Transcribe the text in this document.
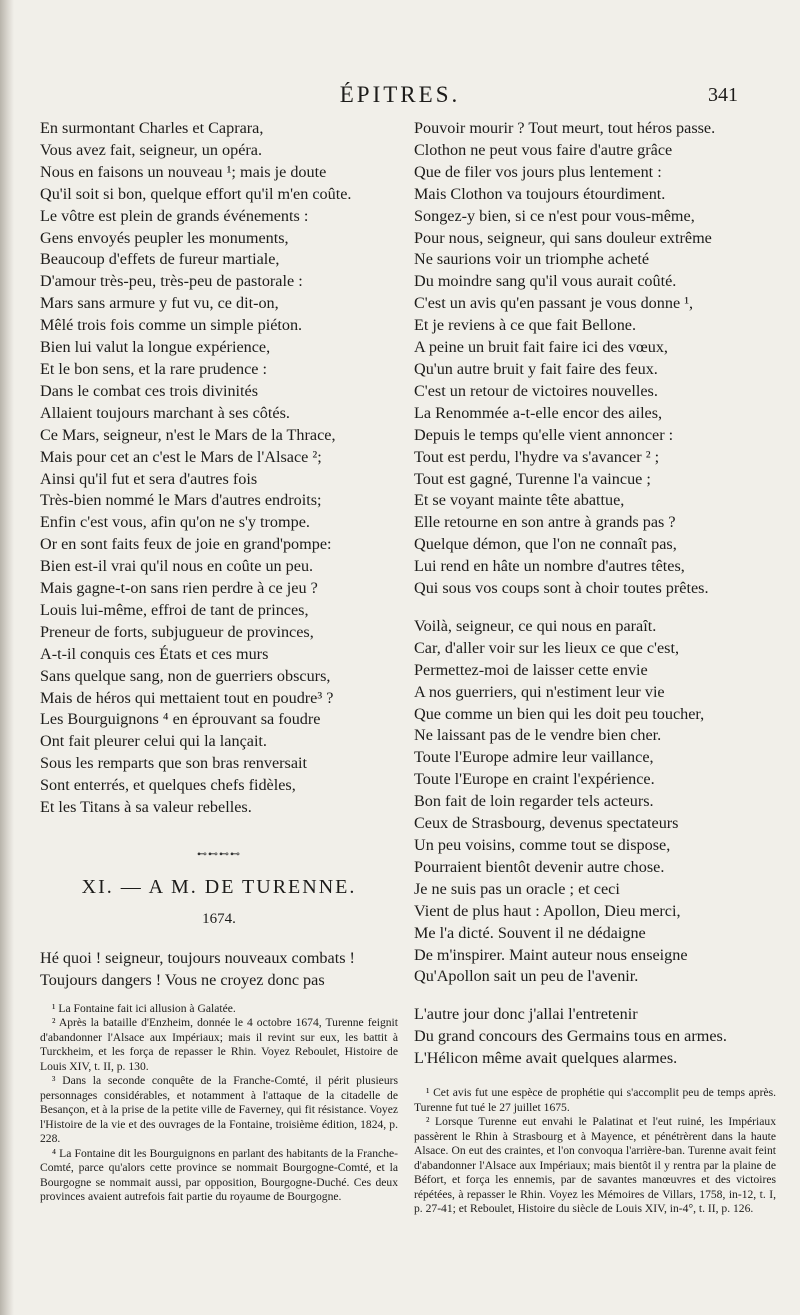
ÉPITRES.	341
En surmontant Charles et Caprara,
Vous avez fait, seigneur, un opéra.
Nous en faisons un nouveau ¹; mais je doute
Qu'il soit si bon, quelque effort qu'il m'en coûte.
Le vôtre est plein de grands événements :
Gens envoyés peupler les monuments,
Beaucoup d'effets de fureur martiale,
D'amour très-peu, très-peu de pastorale :
Mars sans armure y fut vu, ce dit-on,
Mêlé trois fois comme un simple piéton.
Bien lui valut la longue expérience,
Et le bon sens, et la rare prudence :
Dans le combat ces trois divinités
Allaient toujours marchant à ses côtés.
Ce Mars, seigneur, n'est le Mars de la Thrace,
Mais pour cet an c'est le Mars de l'Alsace ²;
Ainsi qu'il fut et sera d'autres fois
Très-bien nommé le Mars d'autres endroits;
Enfin c'est vous, afin qu'on ne s'y trompe.
Or en sont faits feux de joie en grand'pompe:
Bien est-il vrai qu'il nous en coûte un peu.
Mais gagne-t-on sans rien perdre à ce jeu ?
Louis lui-même, effroi de tant de princes,
Preneur de forts, subjugueur de provinces,
A-t-il conquis ces États et ces murs
Sans quelque sang, non de guerriers obscurs,
Mais de héros qui mettaient tout en poudre³ ?
Les Bourguignons ⁴ en éprouvant sa foudre
Ont fait pleurer celui qui la lançait.
Sous les remparts que son bras renversait
Sont enterrés, et quelques chefs fidèles,
Et les Titans à sa valeur rebelles.
⊷⊷⊷⊷
XI. — A M. DE TURENNE.
1674.
Hé quoi ! seigneur, toujours nouveaux combats !
Toujours dangers ! Vous ne croyez donc pas
¹ La Fontaine fait ici allusion à Galatée.
² Après la bataille d'Enzheim, donnée le 4 octobre 1674, Turenne feignit d'abandonner l'Alsace aux Impériaux; mais il revint sur eux, les battit à Turckheim, et les força de repasser le Rhin. Voyez Reboulet, Histoire de Louis XIV, t. II, p. 130.
³ Dans la seconde conquête de la Franche-Comté, il périt plusieurs personnages considérables, et notamment à l'attaque de la citadelle de Besançon, et à la prise de la petite ville de Faverney, qui fit résistance. Voyez l'Histoire de la vie et des ouvrages de la Fontaine, troisième édition, 1824, p. 228.
⁴ La Fontaine dit les Bourguignons en parlant des habitants de la Franche-Comté, parce qu'alors cette province se nommait Bourgogne-Comté, et la Bourgogne se nommait aussi, par opposition, Bourgogne-Duché. Ces deux provinces avaient autrefois fait partie du royaume de Bourgogne.
Pouvoir mourir ? Tout meurt, tout héros passe.
Clothon ne peut vous faire d'autre grâce
Que de filer vos jours plus lentement :
Mais Clothon va toujours étourdiment.
Songez-y bien, si ce n'est pour vous-même,
Pour nous, seigneur, qui sans douleur extrême
Ne saurions voir un triomphe acheté
Du moindre sang qu'il vous aurait coûté.
C'est un avis qu'en passant je vous donne ¹,
Et je reviens à ce que fait Bellone.
A peine un bruit fait faire ici des vœux,
Qu'un autre bruit y fait faire des feux.
C'est un retour de victoires nouvelles.
La Renommée a-t-elle encor des ailes,
Depuis le temps qu'elle vient annoncer :
Tout est perdu, l'hydre va s'avancer ² ;
Tout est gagné, Turenne l'a vaincue ;
Et se voyant mainte tête abattue,
Elle retourne en son antre à grands pas ?
Quelque démon, que l'on ne connaît pas,
Lui rend en hâte un nombre d'autres têtes,
Qui sous vos coups sont à choir toutes prêtes.
Voilà, seigneur, ce qui nous en paraît.
Car, d'aller voir sur les lieux ce que c'est,
Permettez-moi de laisser cette envie
A nos guerriers, qui n'estiment leur vie
Que comme un bien qui les doit peu toucher,
Ne laissant pas de le vendre bien cher.
Toute l'Europe admire leur vaillance,
Toute l'Europe en craint l'expérience.
Bon fait de loin regarder tels acteurs.
Ceux de Strasbourg, devenus spectateurs
Un peu voisins, comme tout se dispose,
Pourraient bientôt devenir autre chose.
Je ne suis pas un oracle ; et ceci
Vient de plus haut : Apollon, Dieu merci,
Me l'a dicté. Souvent il ne dédaigne
De m'inspirer. Maint auteur nous enseigne
Qu'Apollon sait un peu de l'avenir.
L'autre jour donc j'allai l'entretenir
Du grand concours des Germains tous en armes.
L'Hélicon même avait quelques alarmes.
¹ Cet avis fut une espèce de prophétie qui s'accomplit peu de temps après. Turenne fut tué le 27 juillet 1675.
² Lorsque Turenne eut envahi le Palatinat et l'eut ruiné, les Impériaux passèrent le Rhin à Strasbourg et à Mayence, et pénétrèrent dans la haute Alsace. On eut des craintes, et l'on convoqua l'arrière-ban. Turenne avait feint d'abandonner l'Alsace aux Impériaux; mais bientôt il y rentra par la plaine de Béfort, et força les ennemis, par de savantes manœuvres et des victoires répétées, à repasser le Rhin. Voyez les Mémoires de Villars, 1758, in-12, t. I, p. 27-41; et Reboulet, Histoire du siècle de Louis XIV, in-4°, t. II, p. 126.
